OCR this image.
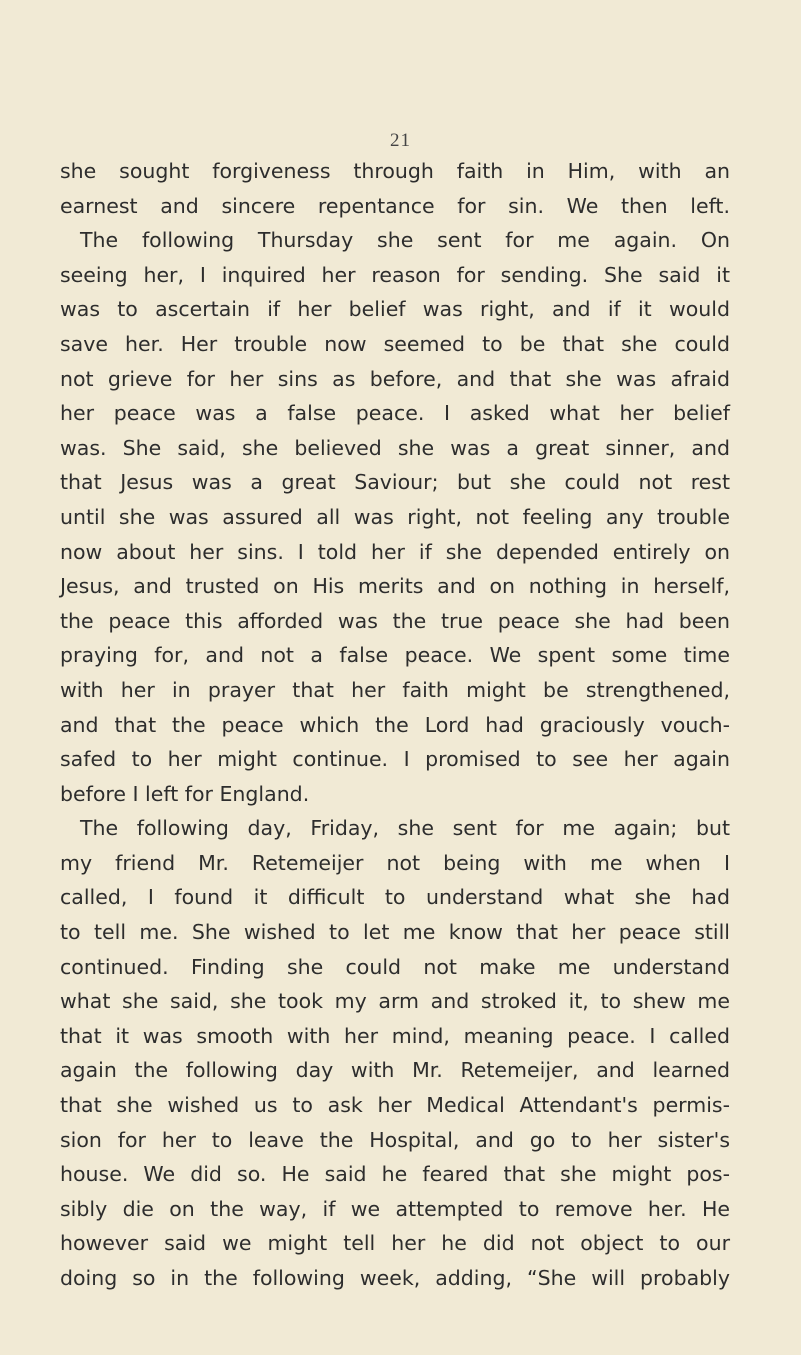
21
she sought forgiveness through faith in Him, with an
earnest and sincere repentance for sin. We then left.
The following Thursday she sent for me again. On
seeing her, I inquired her reason for sending. She said it
was to ascertain if her belief was right, and if it would
save her. Her trouble now seemed to be that she could
not grieve for her sins as before, and that she was afraid
her peace was a false peace. I asked what her belief
was. She said, she believed she was a great sinner, and
that Jesus was a great Saviour; but she could not rest
until she was assured all was right, not feeling any trouble
now about her sins. I told her if she depended entirely on
Jesus, and trusted on His merits and on nothing in herself,
the peace this afforded was the true peace she had been
praying for, and not a false peace. We spent some time
with her in prayer that her faith might be strengthened,
and that the peace which the Lord had graciously vouch-
safed to her might continue. I promised to see her again
before I left for England.
The following day, Friday, she sent for me again; but
my friend Mr. Retemeijer not being with me when I
called, I found it difficult to understand what she had
to tell me. She wished to let me know that her peace still
continued. Finding she could not make me understand
what she said, she took my arm and stroked it, to shew me
that it was smooth with her mind, meaning peace. I called
again the following day with Mr. Retemeijer, and learned
that she wished us to ask her Medical Attendant's permis-
sion for her to leave the Hospital, and go to her sister's
house. We did so. He said he feared that she might pos-
sibly die on the way, if we attempted to remove her. He
however said we might tell her he did not object to our
doing so in the following week, adding, “She will probably
